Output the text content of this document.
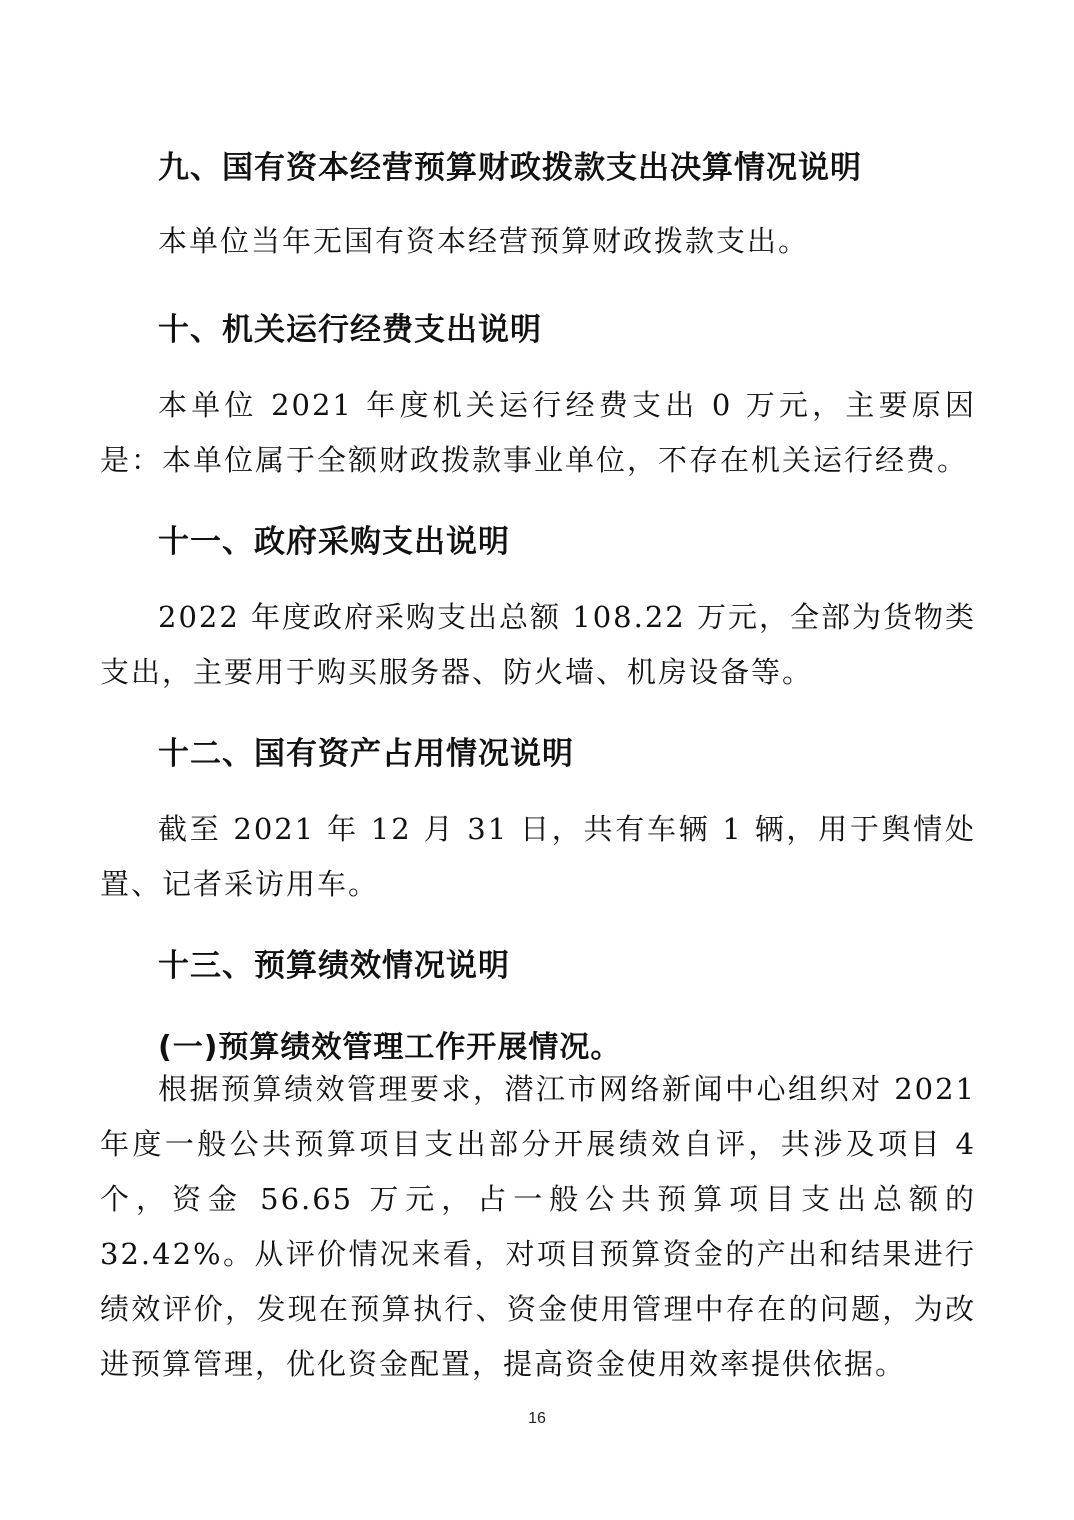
九、国有资本经营预算财政拨款支出决算情况说明
本单位当年无国有资本经营预算财政拨款支出。
十、机关运行经费支出说明
本单位 2021 年度机关运行经费支出 0 万元，主要原因是：本单位属于全额财政拨款事业单位，不存在机关运行经费。
十一、政府采购支出说明
2022 年度政府采购支出总额 108.22 万元，全部为货物类支出，主要用于购买服务器、防火墙、机房设备等。
十二、国有资产占用情况说明
截至 2021 年 12 月 31 日，共有车辆 1 辆，用于舆情处置、记者采访用车。
十三、预算绩效情况说明
(一)预算绩效管理工作开展情况。
根据预算绩效管理要求，潜江市网络新闻中心组织对 2021 年度一般公共预算项目支出部分开展绩效自评，共涉及项目 4 个，资金 56.65 万元，占一般公共预算项目支出总额的 32.42%。从评价情况来看，对项目预算资金的产出和结果进行绩效评价，发现在预算执行、资金使用管理中存在的问题，为改进预算管理，优化资金配置，提高资金使用效率提供依据。
16
